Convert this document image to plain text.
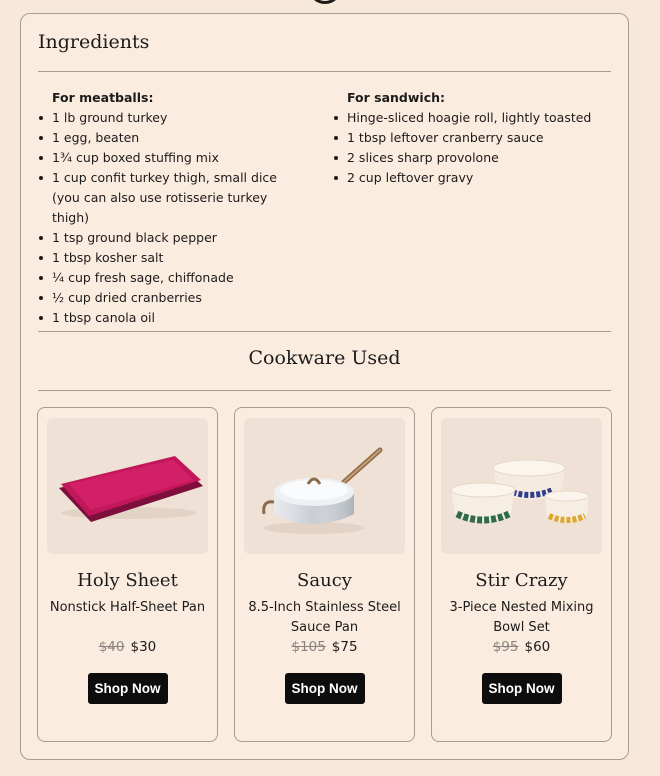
Ingredients
For meatballs:
1 lb ground turkey
1 egg, beaten
1¾ cup boxed stuffing mix
1 cup confit turkey thigh, small dice (you can also use rotisserie turkey thigh)
1 tsp ground black pepper
1 tbsp kosher salt
¼ cup fresh sage, chiffonade
½ cup dried cranberries
1 tbsp canola oil
For sandwich:
Hinge-sliced hoagie roll, lightly toasted
1 tbsp leftover cranberry sauce
2 slices sharp provolone
2 cup leftover gravy
Cookware Used
Holy Sheet
Nonstick Half-Sheet Pan
$40 $30
Shop Now
Saucy
8.5-Inch Stainless Steel Sauce Pan
$105 $75
Shop Now
Stir Crazy
3-Piece Nested Mixing Bowl Set
$95 $60
Shop Now
